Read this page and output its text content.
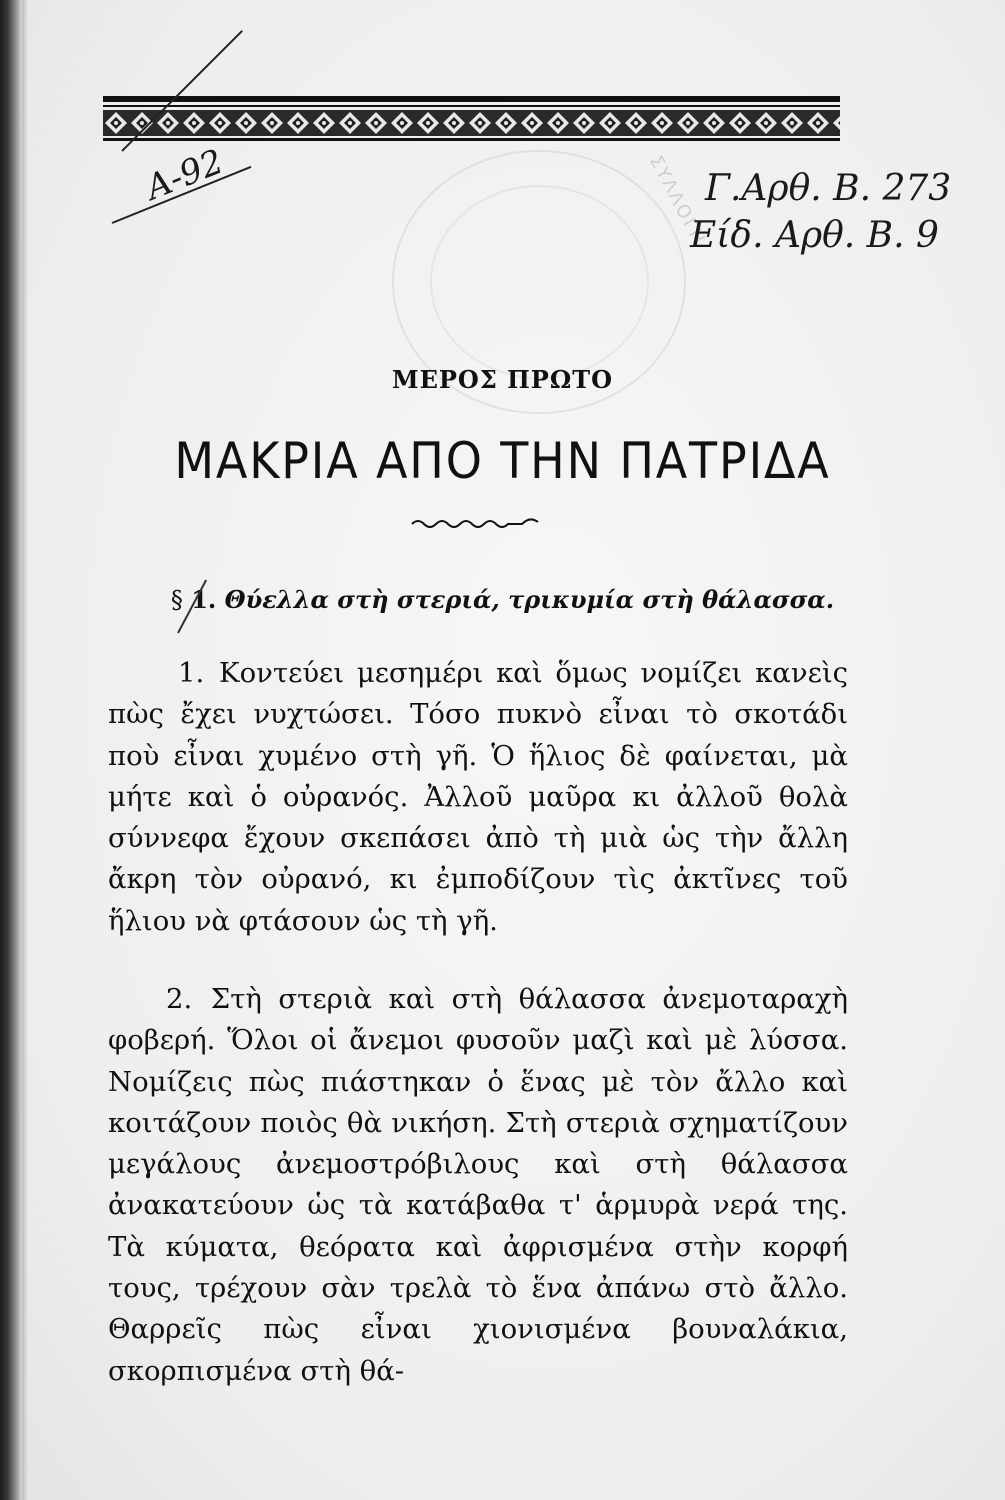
ΣΥΛΛΟΓΗ
Α-92	Γ.Αρθ. Β. 273
Είδ. Αρθ. Β. 9
ΜΕΡΟΣ ΠΡΩΤΟ
ΜΑΚΡΙΑ ΑΠΟ ΤΗΝ ΠΑΤΡΙΔΑ
§ 1. Θύελλα στὴ στεριά, τρικυμία στὴ θάλασσα.
1. Κοντεύει μεσημέρι καὶ ὅμως νομίζει κανεὶς πὼς ἔχει νυχτώσει. Τόσο πυκνὸ εἶναι τὸ σκοτάδι ποὺ εἶναι χυμένο στὴ γῆ. Ὁ ἥλιος δὲ φαίνεται, μὰ μήτε καὶ ὁ οὐρανός. Ἀλλοῦ μαῦρα κι ἀλλοῦ θολὰ σύννεφα ἔχουν σκεπάσει ἀπὸ τὴ μιὰ ὡς τὴν ἄλλη ἄκρη τὸν οὐρανό, κι ἐμποδίζουν τὶς ἀκτῖνες τοῦ ἥλιου νὰ φτάσουν ὡς τὴ γῆ.
2. Στὴ στεριὰ καὶ στὴ θάλασσα ἀνεμοταραχὴ φοβερή. Ὅλοι οἱ ἄνεμοι φυσοῦν μαζὶ καὶ μὲ λύσσα. Νομίζεις πὼς πιάστηκαν ὁ ἕνας μὲ τὸν ἄλλο καὶ κοιτάζουν ποιὸς θὰ νικήση. Στὴ στεριὰ σχηματίζουν μεγάλους ἀνεμοστρόβιλους καὶ στὴ θάλασσα ἀνακατεύουν ὡς τὰ κατάβαθα τ' ἁρμυρὰ νερά της. Τὰ κύματα, θεόρατα καὶ ἀφρισμένα στὴν κορφή τους, τρέχουν σὰν τρελὰ τὸ ἕνα ἀπάνω στὸ ἄλλο. Θαρρεῖς πὼς εἶναι χιονισμένα βουναλάκια, σκορπισμένα στὴ θά-
